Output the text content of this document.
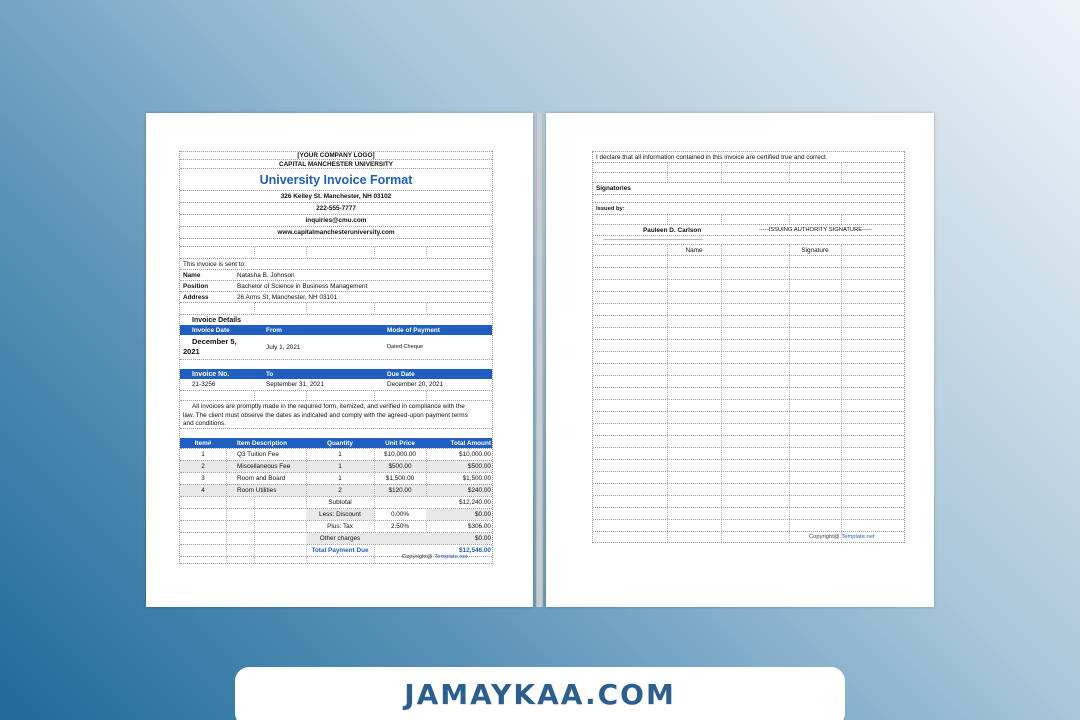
[YOUR COMPANY LOGO]
CAPITAL MANCHESTER UNIVERSITY
University Invoice Format
326 Kelley St. Manchester, NH 03102
222-555-7777
inquiries@cmu.com
www.capitalmanchesteruniversity.com
This invoice is sent to:
Name	Natasha B. Johnson
Position	Bachelor of Science in Business Management
Address	26 Arms St, Manchester, NH 03101
Invoice Details
Invoice Date	From	Mode of Payment
December 5,
2021	July 1, 2021	Dated Cheque
Invoice No.	To	Due Date
21-3256	September 31, 2021	December 20, 2021
All invoices are promptly made in the required form, itemized, and verified in compliance with the
law. The client must observe the dates as indicated and comply with the agreed-upon payment terms
and conditions.
Item#	Item Description	Quantity	Unit Price	Total Amount
1	Q3 Tuition Fee	1	$10,000.00	$10,000.00
2	Miscellaneous Fee	1	$500.00	$500.00
3	Room and Board	1	$1,500.00	$1,500.00
4	Room Utilities	2	$120.00	$240.00
Subtotal	$12,240.00
Less: Discount	0.00%	$0.00
Plus: Tax	2.50%	$306.00
Other charges	$0.00
Total Payment Due	$12,546.00
Copyright@
Template.net
I declare that all information contained in this invoice are certified true and correct.
Signatories
Issued by:
Pauleen D. Carlson	-----ISSUING AUTHORITY SIGNATURE-----
Name	Signature
Copyright@
Template.net
JAMAYKAA.COM
